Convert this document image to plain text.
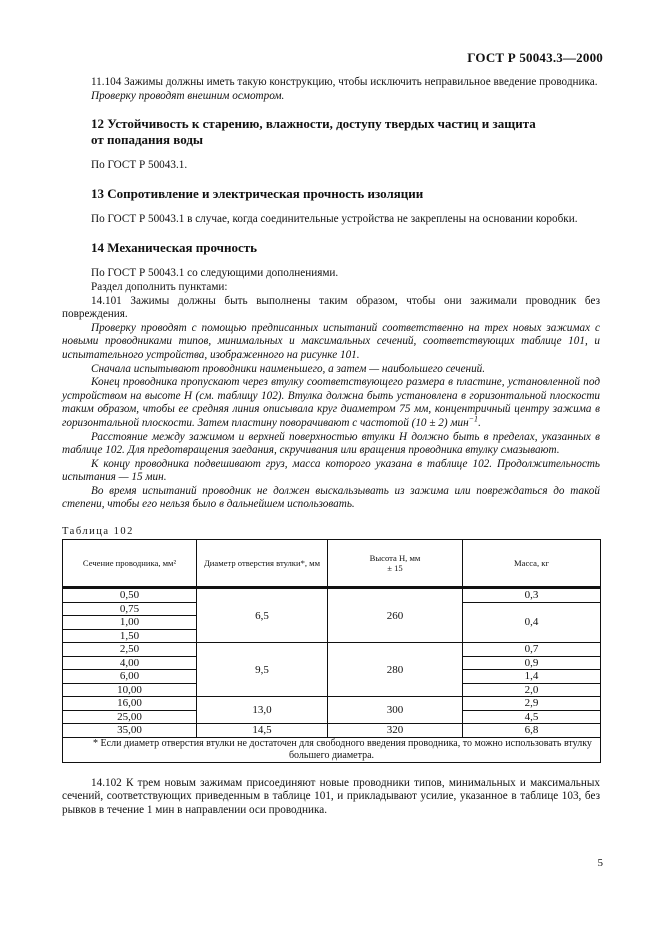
ГОСТ Р 50043.3—2000

11.104 Зажимы должны иметь такую конструкцию, чтобы исключить неправильное введение проводника.

Проверку проводят внешним осмотром.

12 Устойчивость к старению, влажности, доступу твердых частиц и защита
от попадания воды

По ГОСТ Р 50043.1.

13 Сопротивление и электрическая прочность изоляции

По ГОСТ Р 50043.1 в случае, когда соединительные устройства не закреплены на основании коробки.

14 Механическая прочность

По ГОСТ Р 50043.1 со следующими дополнениями.

Раздел дополнить пунктами:

14.101 Зажимы должны быть выполнены таким образом, чтобы они зажимали проводник без повреждения.

Проверку проводят с помощью предписанных испытаний соответственно на трех новых зажимах с новыми проводниками типов, минимальных и максимальных сечений, соответствующих таблице 101, и испытательного устройства, изображенного на рисунке 101.

Сначала испытывают проводники наименьшего, а затем — наибольшего сечений.

Конец проводника пропускают через втулку соответствующего размера в пластине, установленной под устройством на высоте H (см. таблицу 102). Втулка должна быть установлена в горизонтальной плоскости таким образом, чтобы ее средняя линия описывала круг диаметром 75 мм, концентричный центру зажима в горизонтальной плоскости. Затем пластину поворачивают с частотой (10 ± 2) мин$^{-1}$.

Расстояние между зажимом и верхней поверхностью втулки H должно быть в пределах, указанных в таблице 102. Для предотвращения заедания, скручивания или вращения проводника втулку смазывают.

К концу проводника подвешивают груз, масса которого указана в таблице 102. Продолжительность испытания — 15 мин.

Во время испытаний проводник не должен выскальзывать из зажима или повреждаться до такой степени, чтобы его нельзя было в дальнейшем использовать.

Таблица 102

Сечение проводника, мм²	Диаметр отверстия втулки*, мм	Высота H, мм
± 15	Масса, кг
0,50	6,5	260	0,3
0,75			0,4
1,00			
1,50			
2,50	9,5	280	0,7
4,00			0,9
6,00			1,4
10,00			2,0
16,00	13,0	300	2,9
25,00			4,5
35,00	14,5	320	6,8
* Если диаметр отверстия втулки не достаточен для свободного введения проводника, то можно использовать втулку большего диаметра.			

14.102 К трем новым зажимам присоединяют новые проводники типов, минимальных и максимальных сечений, соответствующих приведенным в таблице 101, и прикладывают усилие, указанное в таблице 103, без рывков в течение 1 мин в направлении оси проводника.

5
